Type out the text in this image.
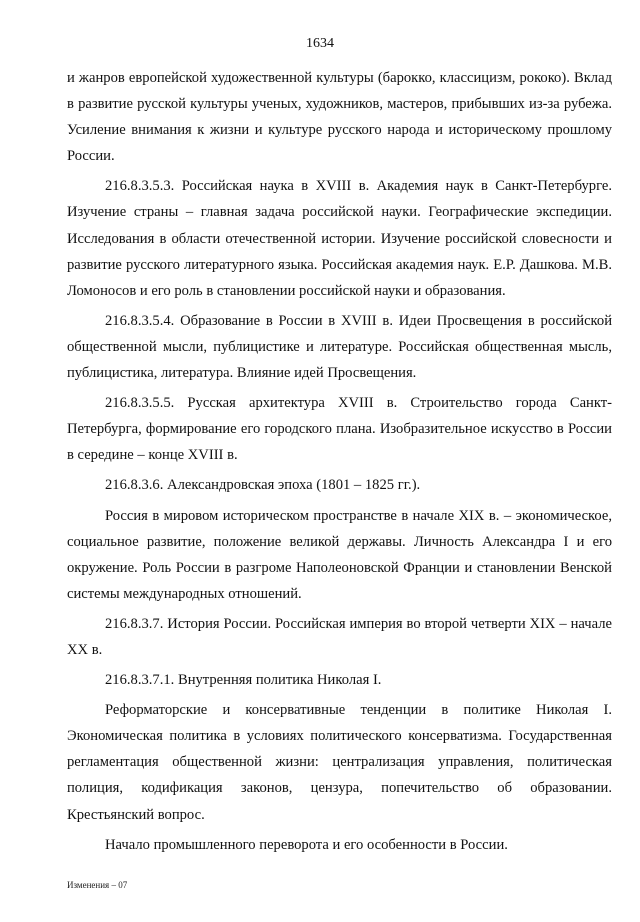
1634

и жанров европейской художественной культуры (барокко, классицизм, рококо). Вклад в развитие русской культуры ученых, художников, мастеров, прибывших из-за рубежа. Усиление внимания к жизни и культуре русского народа и историческому прошлому России.

216.8.3.5.3. Российская наука в XVIII в. Академия наук в Санкт-Петербурге. Изучение страны – главная задача российской науки. Географические экспедиции. Исследования в области отечественной истории. Изучение российской словесности и развитие русского литературного языка. Российская академия наук. Е.Р. Дашкова. М.В. Ломоносов и его роль в становлении российской науки и образования.

216.8.3.5.4. Образование в России в XVIII в. Идеи Просвещения в российской общественной мысли, публицистике и литературе. Российская общественная мысль, публицистика, литература. Влияние идей Просвещения.

216.8.3.5.5. Русская архитектура XVIII в. Строительство города Санкт-Петербурга, формирование его городского плана. Изобразительное искусство в России в середине – конце XVIII в.

216.8.3.6. Александровская эпоха (1801 – 1825 гг.).

Россия в мировом историческом пространстве в начале XIX в. – экономическое, социальное развитие, положение великой державы. Личность Александра I и его окружение. Роль России в разгроме Наполеоновской Франции и становлении Венской системы международных отношений.

216.8.3.7. История России. Российская империя во второй четверти XIX – начале XX в.

216.8.3.7.1. Внутренняя политика Николая I.

Реформаторские и консервативные тенденции в политике Николая I. Экономическая политика в условиях политического консерватизма. Государственная регламентация общественной жизни: централизация управления, политическая полиция, кодификация законов, цензура, попечительство об образовании. Крестьянский вопрос.

Начало промышленного переворота и его особенности в России.

Изменения – 07
